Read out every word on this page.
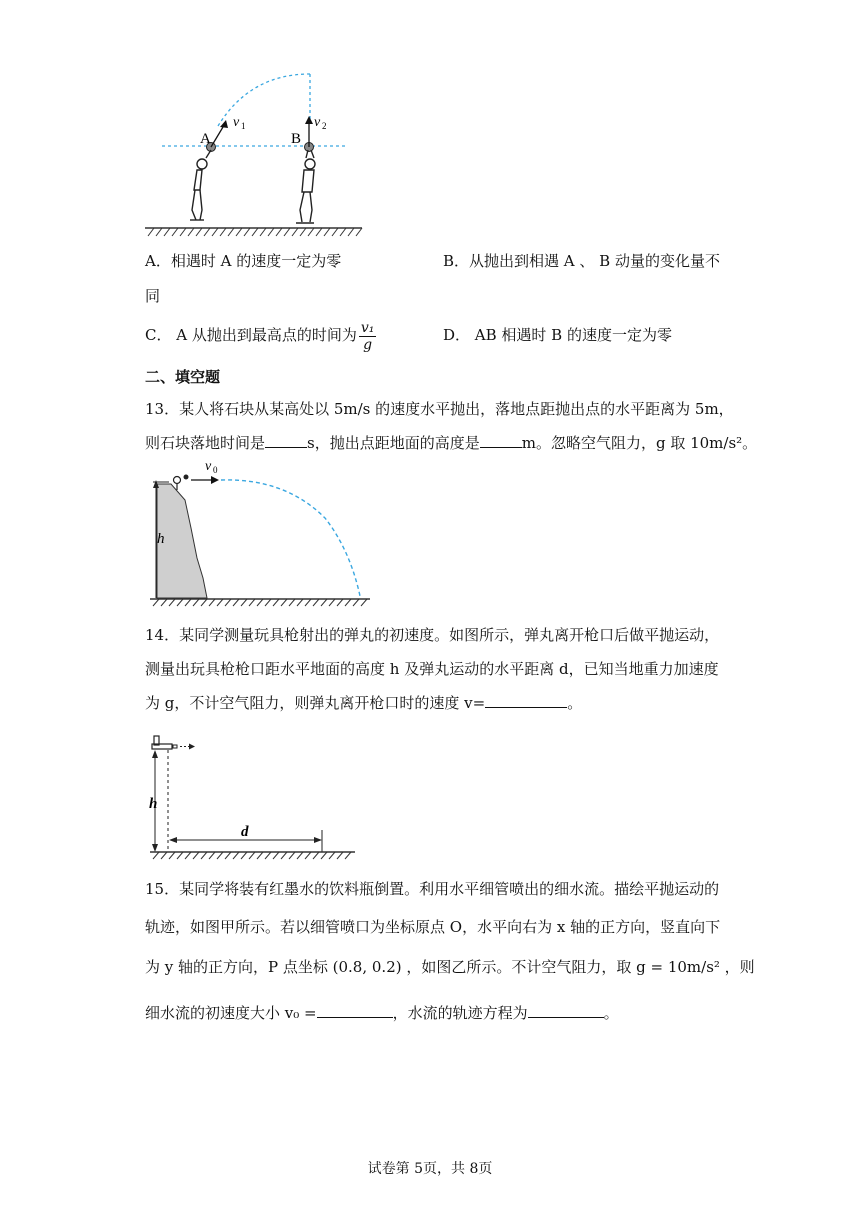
A
v 1
B
v 2
A．相遇时 A 的速度一定为零	B．从抛出到相遇 A 、 B 动量的变化量不
同
C． A 从抛出到最高点的时间为 $\frac{\text{v₁}}{g}$	D． AB 相遇时 B 的速度一定为零
二、填空题
13．某人将石块从某高处以 5m/s 的速度水平抛出，落地点距抛出点的水平距离为 5m，
则石块落地时间是	s，抛出点距地面的高度是	m。忽略空气阻力，g 取 10m/s²。
h
v 0
14．某同学测量玩具枪射出的弹丸的初速度。如图所示，弹丸离开枪口后做平抛运动，
测量出玩具枪枪口距水平地面的高度 h 及弹丸运动的水平距离 d，已知当地重力加速度
为 g，不计空气阻力，则弹丸离开枪口时的速度 v=	。
h
d
15．某同学将装有红墨水的饮料瓶倒置。利用水平细管喷出的细水流。描绘平抛运动的
轨迹，如图甲所示。若以细管喷口为坐标原点 O，水平向右为 x 轴的正方向，竖直向下
为 y 轴的正方向，P 点坐标 (0.8, 0.2) ，如图乙所示。不计空气阻力，取 g = 10m/s² ，则
细水流的初速度大小 v₀ =	，水流的轨迹方程为	。
试卷第 5页，共 8页
